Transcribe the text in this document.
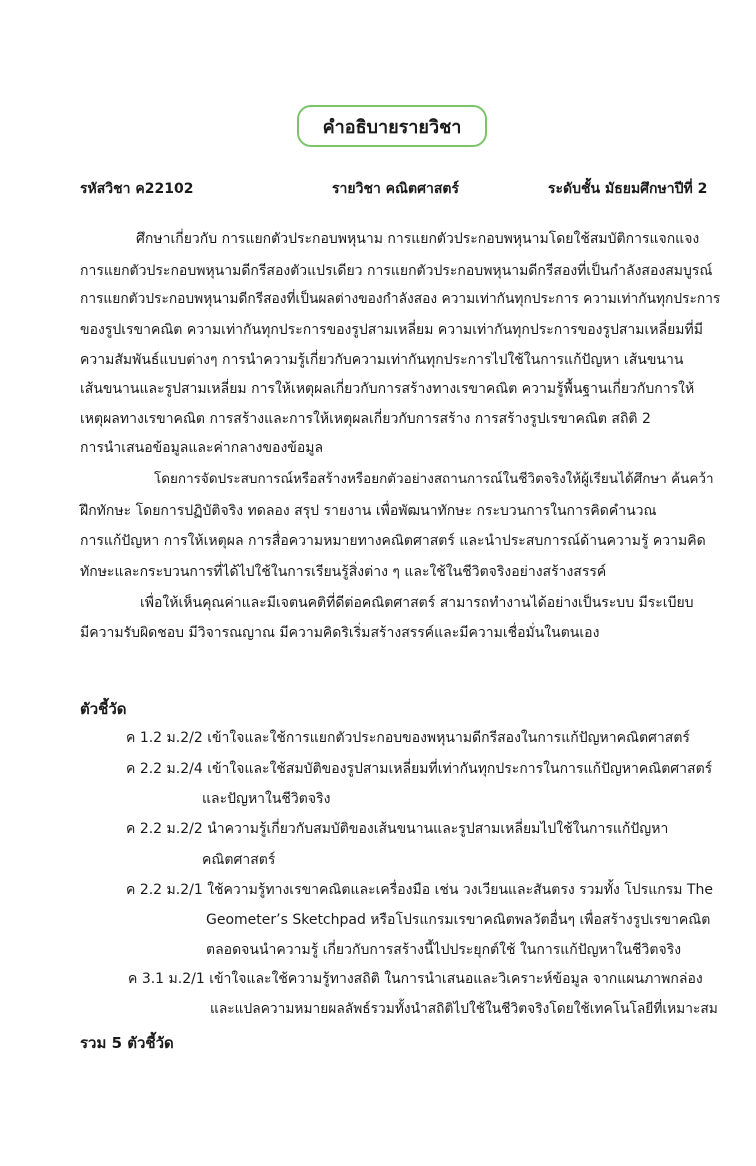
คำอธิบายรายวิชา
รหัสวิชา ค22102	รายวิชา คณิตศาสตร์	ระดับชั้น มัธยมศึกษาปีที่ 2
ศึกษาเกี่ยวกับ การแยกตัวประกอบพหุนาม การแยกตัวประกอบพหุนามโดยใช้สมบัติการแจกแจง
การแยกตัวประกอบพหุนามดีกรีสองตัวแปรเดียว การแยกตัวประกอบพหุนามดีกรีสองที่เป็นกำลังสองสมบูรณ์
การแยกตัวประกอบพหุนามดีกรีสองที่เป็นผลต่างของกำลังสอง ความเท่ากันทุกประการ ความเท่ากันทุกประการ
ของรูปเรขาคณิต ความเท่ากันทุกประการของรูปสามเหลี่ยม ความเท่ากันทุกประการของรูปสามเหลี่ยมที่มี
ความสัมพันธ์แบบต่างๆ การนำความรู้เกี่ยวกับความเท่ากันทุกประการไปใช้ในการแก้ปัญหา เส้นขนาน
เส้นขนานและรูปสามเหลี่ยม การให้เหตุผลเกี่ยวกับการสร้างทางเรขาคณิต ความรู้พื้นฐานเกี่ยวกับการให้
เหตุผลทางเรขาคณิต การสร้างและการให้เหตุผลเกี่ยวกับการสร้าง การสร้างรูปเรขาคณิต สถิติ 2
การนำเสนอข้อมูลและค่ากลางของข้อมูล
โดยการจัดประสบการณ์หรือสร้างหรือยกตัวอย่างสถานการณ์ในชีวิตจริงให้ผู้เรียนได้ศึกษา ค้นคว้า
ฝึกทักษะ โดยการปฏิบัติจริง ทดลอง สรุป รายงาน เพื่อพัฒนาทักษะ กระบวนการในการคิดคำนวณ
การแก้ปัญหา การให้เหตุผล การสื่อความหมายทางคณิตศาสตร์ และนำประสบการณ์ด้านความรู้ ความคิด
ทักษะและกระบวนการที่ได้ไปใช้ในการเรียนรู้สิ่งต่าง ๆ และใช้ในชีวิตจริงอย่างสร้างสรรค์
เพื่อให้เห็นคุณค่าและมีเจตนคติที่ดีต่อคณิตศาสตร์ สามารถทำงานได้อย่างเป็นระบบ มีระเบียบ
มีความรับผิดชอบ มีวิจารณญาณ มีความคิดริเริ่มสร้างสรรค์และมีความเชื่อมั่นในตนเอง
ตัวชี้วัด
ค 1.2 ม.2/2 เข้าใจและใช้การแยกตัวประกอบของพหุนามดีกรีสองในการแก้ปัญหาคณิตศาสตร์
ค 2.2 ม.2/4 เข้าใจและใช้สมบัติของรูปสามเหลี่ยมที่เท่ากันทุกประการในการแก้ปัญหาคณิตศาสตร์
และปัญหาในชีวิตจริง
ค 2.2 ม.2/2 นำความรู้เกี่ยวกับสมบัติของเส้นขนานและรูปสามเหลี่ยมไปใช้ในการแก้ปัญหา
คณิตศาสตร์
ค 2.2 ม.2/1 ใช้ความรู้ทางเรขาคณิตและเครื่องมือ เช่น วงเวียนและสันตรง รวมทั้ง โปรแกรม The
Geometer’s Sketchpad หรือโปรแกรมเรขาคณิตพลวัตอื่นๆ เพื่อสร้างรูปเรขาคณิต
ตลอดจนนำความรู้ เกี่ยวกับการสร้างนี้ไปประยุกต์ใช้ ในการแก้ปัญหาในชีวิตจริง
ค 3.1 ม.2/1 เข้าใจและใช้ความรู้ทางสถิติ ในการนำเสนอและวิเคราะห์ข้อมูล จากแผนภาพกล่อง
และแปลความหมายผลลัพธ์รวมทั้งนำสถิติไปใช้ในชีวิตจริงโดยใช้เทคโนโลยีที่เหมาะสม
รวม 5 ตัวชี้วัด
